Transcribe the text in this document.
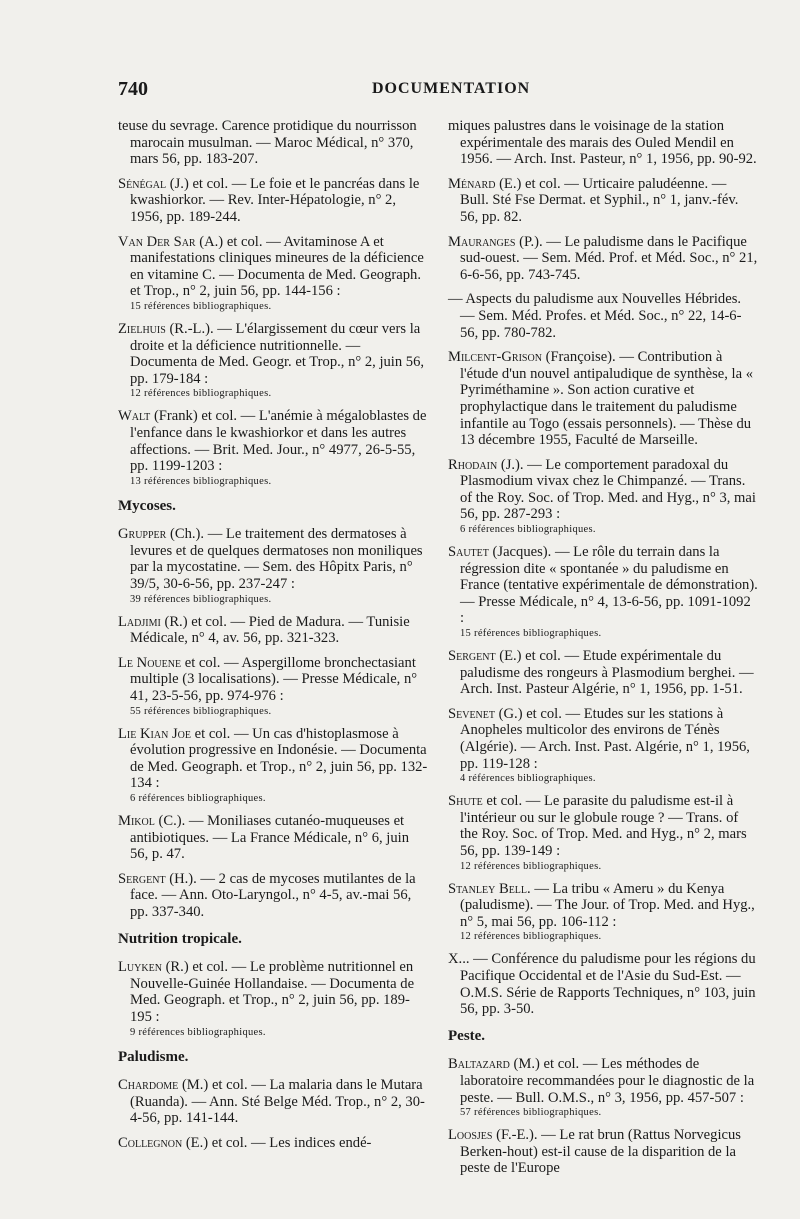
740	DOCUMENTATION
teuse du sevrage. Carence protidique du nourrisson marocain musulman. — Maroc Médical, n° 370, mars 56, pp. 183-207.
Sénégal (J.) et col. — Le foie et le pancréas dans le kwashiorkor. — Rev. Inter-Hépatologie, n° 2, 1956, pp. 189-244.
Van Der Sar (A.) et col. — Avitaminose A et manifestations cliniques mineures de la déficience en vitamine C. — Documenta de Med. Geograph. et Trop., n° 2, juin 56, pp. 144-156 :
15 références bibliographiques.
Zielhuis (R.-L.). — L'élargissement du cœur vers la droite et la déficience nutritionnelle. — Documenta de Med. Geogr. et Trop., n° 2, juin 56, pp. 179-184 :
12 références bibliographiques.
Walt (Frank) et col. — L'anémie à mégaloblastes de l'enfance dans le kwashiorkor et dans les autres affections. — Brit. Med. Jour., n° 4977, 26-5-55, pp. 1199-1203 :
13 références bibliographiques.
Mycoses.
Grupper (Ch.). — Le traitement des dermatoses à levures et de quelques dermatoses non moniliques par la mycostatine. — Sem. des Hôpitx Paris, n° 39/5, 30-6-56, pp. 237-247 :
39 références bibliographiques.
Ladjimi (R.) et col. — Pied de Madura. — Tunisie Médicale, n° 4, av. 56, pp. 321-323.
Le Nouene et col. — Aspergillome bronchectasiant multiple (3 localisations). — Presse Médicale, n° 41, 23-5-56, pp. 974-976 :
55 références bibliographiques.
Lie Kian Joe et col. — Un cas d'histoplasmose à évolution progressive en Indonésie. — Documenta de Med. Geograph. et Trop., n° 2, juin 56, pp. 132-134 :
6 références bibliographiques.
Mikol (C.). — Moniliases cutanéo-muqueuses et antibiotiques. — La France Médicale, n° 6, juin 56, p. 47.
Sergent (H.). — 2 cas de mycoses mutilantes de la face. — Ann. Oto-Laryngol., n° 4-5, av.-mai 56, pp. 337-340.
Nutrition tropicale.
Luyken (R.) et col. — Le problème nutritionnel en Nouvelle-Guinée Hollandaise. — Documenta de Med. Geograph. et Trop., n° 2, juin 56, pp. 189-195 :
9 références bibliographiques.
Paludisme.
Chardome (M.) et col. — La malaria dans le Mutara (Ruanda). — Ann. Sté Belge Méd. Trop., n° 2, 30-4-56, pp. 141-144.
Collegnon (E.) et col. — Les indices endé-
miques palustres dans le voisinage de la station expérimentale des marais des Ouled Mendil en 1956. — Arch. Inst. Pasteur, n° 1, 1956, pp. 90-92.
Ménard (E.) et col. — Urticaire paludéenne. — Bull. Sté Fse Dermat. et Syphil., n° 1, janv.-fév. 56, pp. 82.
Mauranges (P.). — Le paludisme dans le Pacifique sud-ouest. — Sem. Méd. Prof. et Méd. Soc., n° 21, 6-6-56, pp. 743-745.
— Aspects du paludisme aux Nouvelles Hébrides. — Sem. Méd. Profes. et Méd. Soc., n° 22, 14-6-56, pp. 780-782.
Milcent-Grison (Françoise). — Contribution à l'étude d'un nouvel antipaludique de synthèse, la « Pyriméthamine ». Son action curative et prophylactique dans le traitement du paludisme infantile au Togo (essais personnels). — Thèse du 13 décembre 1955, Faculté de Marseille.
Rhodain (J.). — Le comportement paradoxal du Plasmodium vivax chez le Chimpanzé. — Trans. of the Roy. Soc. of Trop. Med. and Hyg., n° 3, mai 56, pp. 287-293 :
6 références bibliographiques.
Sautet (Jacques). — Le rôle du terrain dans la régression dite « spontanée » du paludisme en France (tentative expérimentale de démonstration). — Presse Médicale, n° 4, 13-6-56, pp. 1091-1092 :
15 références bibliographiques.
Sergent (E.) et col. — Etude expérimentale du paludisme des rongeurs à Plasmodium berghei. — Arch. Inst. Pasteur Algérie, n° 1, 1956, pp. 1-51.
Sevenet (G.) et col. — Etudes sur les stations à Anopheles multicolor des environs de Ténès (Algérie). — Arch. Inst. Past. Algérie, n° 1, 1956, pp. 119-128 :
4 références bibliographiques.
Shute et col. — Le parasite du paludisme est-il à l'intérieur ou sur le globule rouge ? — Trans. of the Roy. Soc. of Trop. Med. and Hyg., n° 2, mars 56, pp. 139-149 :
12 références bibliographiques.
Stanley Bell. — La tribu « Ameru » du Kenya (paludisme). — The Jour. of Trop. Med. and Hyg., n° 5, mai 56, pp. 106-112 :
12 références bibliographiques.
X... — Conférence du paludisme pour les régions du Pacifique Occidental et de l'Asie du Sud-Est. — O.M.S. Série de Rapports Techniques, n° 103, juin 56, pp. 3-50.
Peste.
Baltazard (M.) et col. — Les méthodes de laboratoire recommandées pour le diagnostic de la peste. — Bull. O.M.S., n° 3, 1956, pp. 457-507 :
57 références bibliographiques.
Loosjes (F.-E.). — Le rat brun (Rattus Norvegicus Berken-hout) est-il cause de la disparition de la peste de l'Europe
